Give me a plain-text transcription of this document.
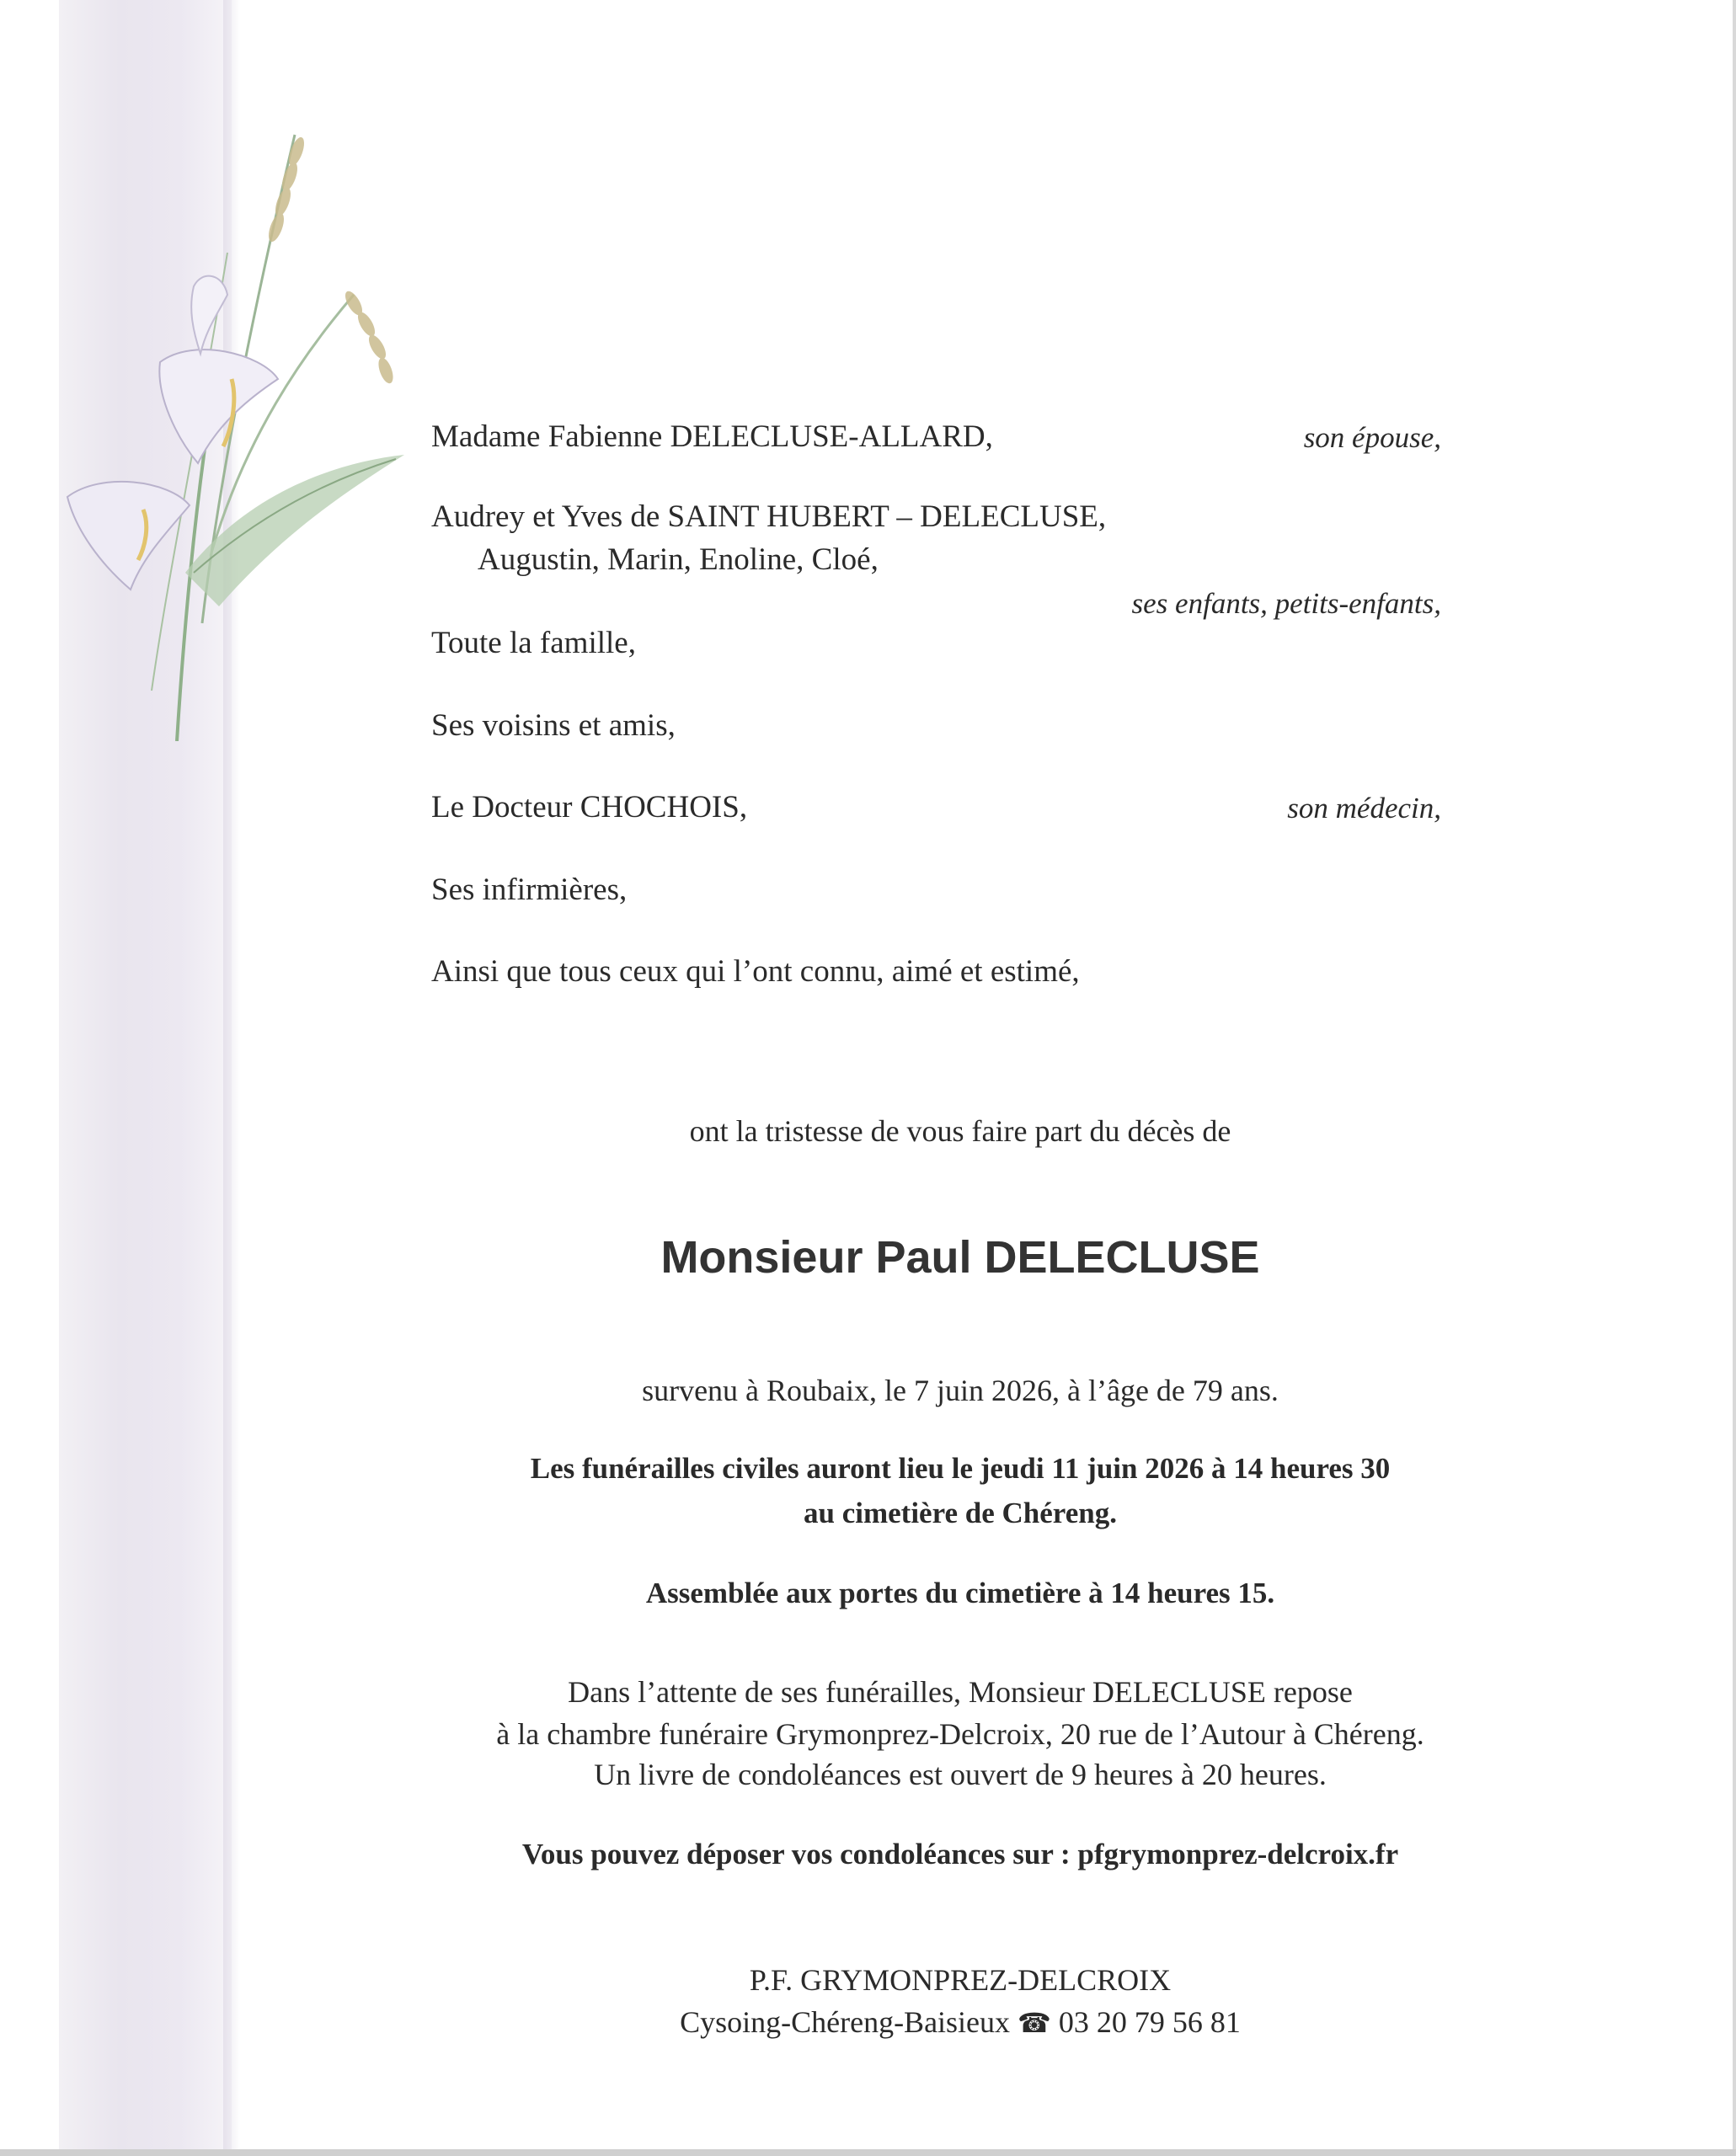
Madame Fabienne DELECLUSE-ALLARD,	son épouse,
Audrey et Yves de SAINT HUBERT – DELECLUSE,
Augustin, Marin, Enoline, Cloé,
ses enfants, petits-enfants,
Toute la famille,
Ses voisins et amis,
Le Docteur CHOCHOIS,	son médecin,
Ses infirmières,
Ainsi que tous ceux qui l’ont connu, aimé et estimé,
ont la tristesse de vous faire part du décès de
Monsieur Paul DELECLUSE
survenu à Roubaix, le 7 juin 2026, à l’âge de 79 ans.
Les funérailles civiles auront lieu le jeudi 11 juin 2026 à 14 heures 30
au cimetière de Chéreng.
Assemblée aux portes du cimetière à 14 heures 15.
Dans l’attente de ses funérailles, Monsieur DELECLUSE repose
à la chambre funéraire Grymonprez-Delcroix, 20 rue de l’Autour à Chéreng.
Un livre de condoléances est ouvert de 9 heures à 20 heures.
Vous pouvez déposer vos condoléances sur : pfgrymonprez-delcroix.fr
P.F. GRYMONPREZ-DELCROIX
Cysoing-Chéreng-Baisieux ☎ 03 20 79 56 81
